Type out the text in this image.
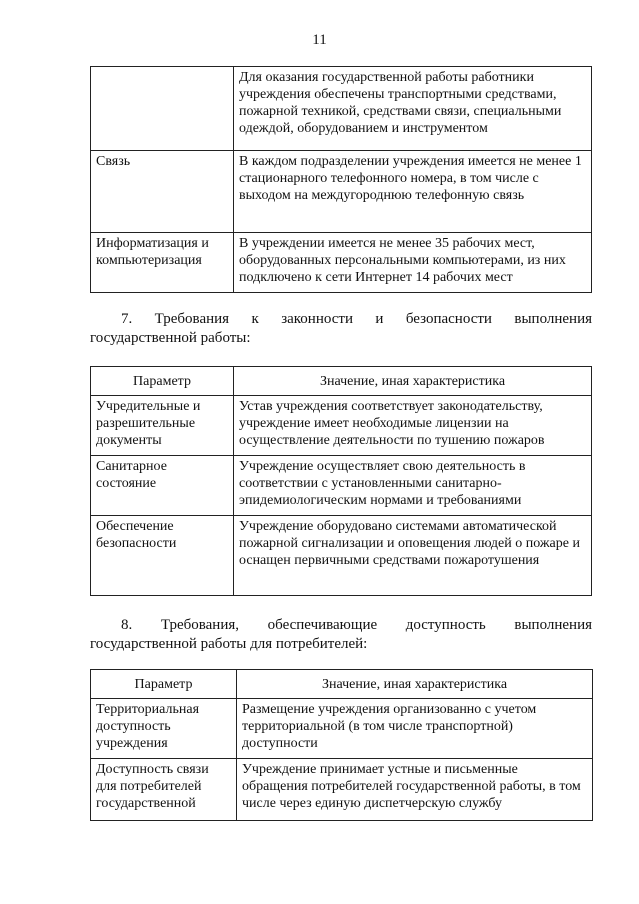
11
	Для оказания государственной работы работники учреждения обеспечены транспортными средствами, пожарной техникой, средствами связи, специальными одеждой, оборудованием и инструментом
Связь	В каждом подразделении учреждения имеется не менее 1 стационарного телефонного номера, в том числе с выходом на междугороднюю телефонную связь
Информатизация и компьютеризация	В учреждении имеется не менее 35 рабочих мест, оборудованных персональными компьютерами, из них подключено к сети Интернет 14 рабочих мест
7. Требования к законности и безопасности выполнения
государственной работы:
Параметр	Значение, иная характеристика
Учредительные и разрешительные документы	Устав учреждения соответствует законодательству, учреждение имеет необходимые лицензии на осуществление деятельности по тушению пожаров
Санитарное состояние	Учреждение осуществляет свою деятельность в соответствии с установленными санитарно-эпидемиологическим нормами и требованиями
Обеспечение безопасности	Учреждение оборудовано системами автоматической пожарной сигнализации и оповещения людей о пожаре и оснащен первичными средствами пожаротушения
8. Требования, обеспечивающие доступность выполнения
государственной работы для потребителей:
Параметр	Значение, иная характеристика
Территориальная доступность учреждения	Размещение учреждения организованно с учетом территориальной (в том числе транспортной) доступности
Доступность связи для потребителей государственной	Учреждение принимает устные и письменные обращения потребителей государственной работы, в том числе через единую диспетчерскую службу
